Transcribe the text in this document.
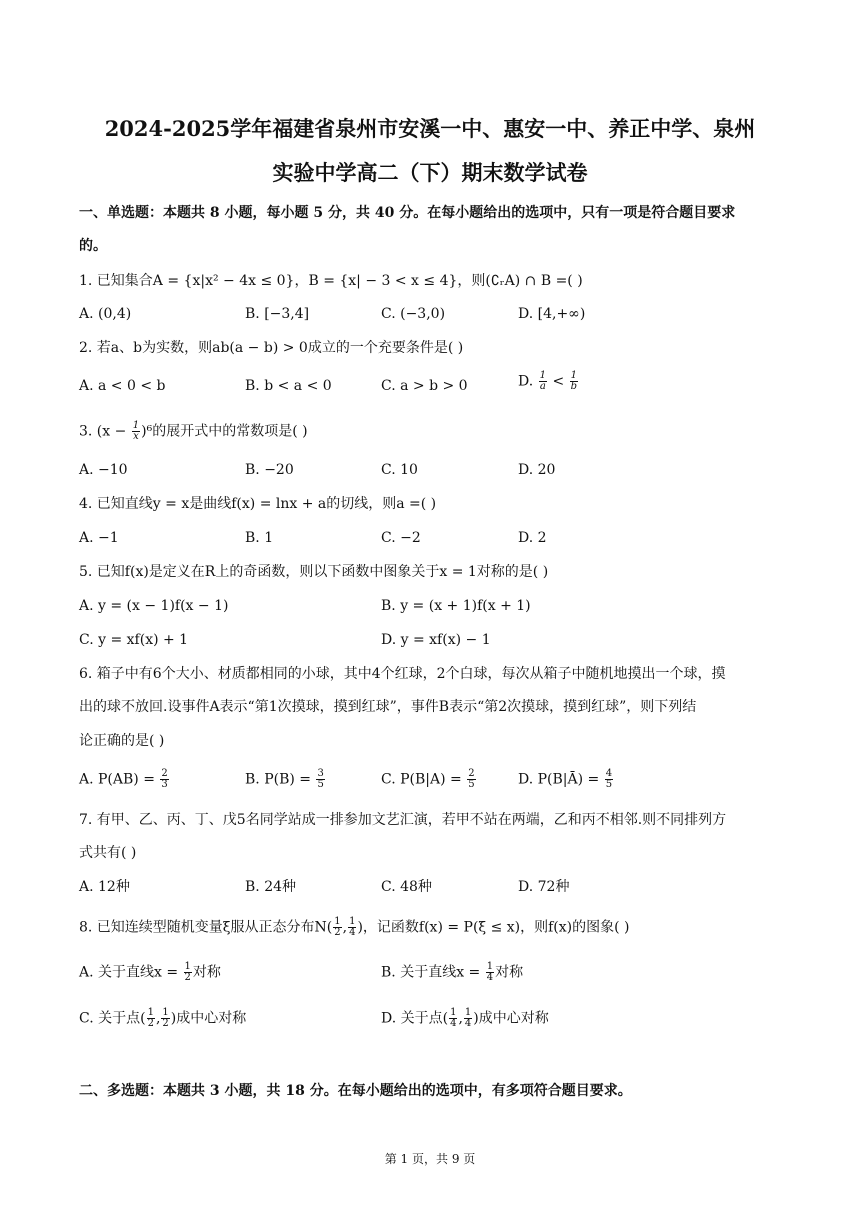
2024-2025学年福建省泉州市安溪一中、惠安一中、养正中学、泉州
实验中学高二（下）期末数学试卷
一、单选题：本题共 8 小题，每小题 5 分，共 40 分。在每小题给出的选项中，只有一项是符合题目要求
的。
1. 已知集合A = {x|x² − 4x ≤ 0}，B = {x| − 3 < x ≤ 4}，则(∁ᵣA) ∩ B =( )
A. (0,4)	B. [−3,4]	C. (−3,0)	D. [4,+∞)
2. 若a、b为实数，则ab(a − b) > 0成立的一个充要条件是( )
A. a < 0 < b	B. b < a < 0	C. a > b > 0	D. $\frac{1}{a} < \frac{1}{b}$
3. $(x - \frac{1}{x} )^6$的展开式中的常数项是( )
A. −10	B. −20	C. 10	D. 20
4. 已知直线y = x是曲线f(x) = lnx + a的切线，则a =( )
A. −1	B. 1	C. −2	D. 2
5. 已知f(x)是定义在R上的奇函数，则以下函数中图象关于x = 1对称的是( )
A. y = (x − 1)f(x − 1)	B. y = (x + 1)f(x + 1)
C. y = xf(x) + 1	D. y = xf(x) − 1
6. 箱子中有6个大小、材质都相同的小球，其中4个红球，2个白球，每次从箱子中随机地摸出一个球，摸
出的球不放回.设事件A表示“第1次摸球，摸到红球”，事件B表示“第2次摸球，摸到红球”，则下列结
论正确的是( )
A. $P(AB) = \frac{2}{3}$	B. $P(B) = \frac{3}{5}$	C. $P(B|A) = \frac{2}{5}$	D. P(B|Ā) = $\frac{4}{5}$
7. 有甲、乙、丙、丁、戊5名同学站成一排参加文艺汇演，若甲不站在两端，乙和丙不相邻.则不同排列方
式共有( )
A. 12种	B. 24种	C. 48种	D. 72种
8. 已知连续型随机变量ξ服从正态分布$N( \frac{1}{2}$ , $\frac{1}{4}$ )，记函数f(x) = P(ξ ≤ x)，则f(x)的图象( )
A. 关于直线$x = \frac{1}{2}$ 对称	B. 关于直线$x = \frac{1}{4}$ 对称
C. 关于点( $\frac{1}{2}$ , $\frac{1}{2}$ )成中心对称	D. 关于点( $\frac{1}{4}$ , $\frac{1}{4}$ )成中心对称
二、多选题：本题共 3 小题，共 18 分。在每小题给出的选项中，有多项符合题目要求。
第 1 页，共 9 页
